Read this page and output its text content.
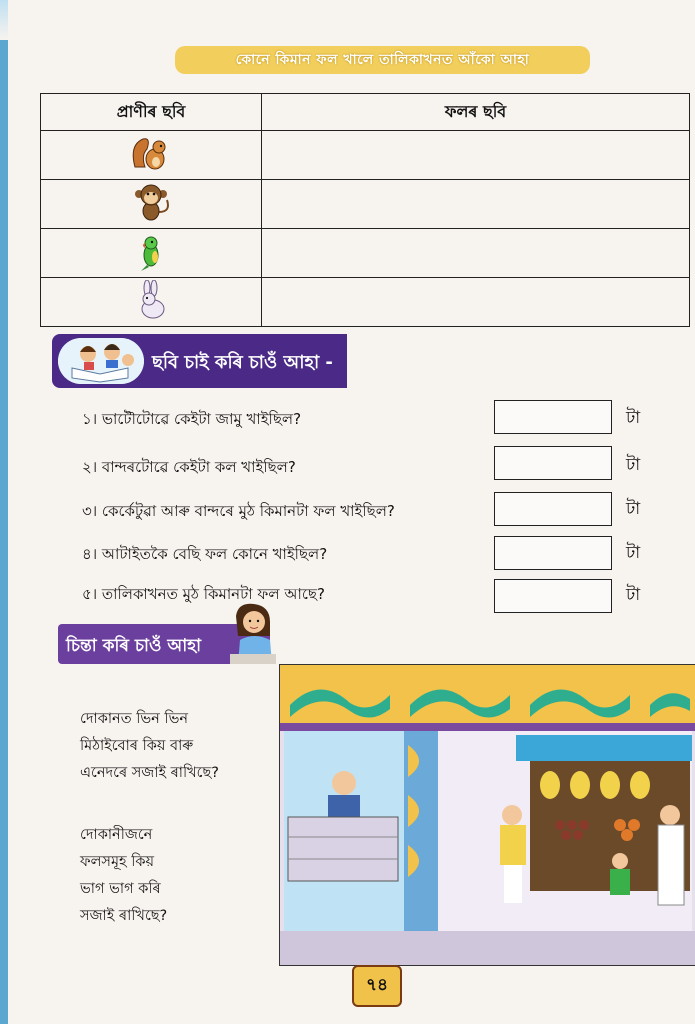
কোনে কিমান ফল খালে তালিকাখনত আঁকো আহা
প্ৰাণীৰ ছবি	ফলৰ ছবি

ছবি চাই কৰি চাওঁ আহা -
১। ভাটৌটোৱে কেইটা জামু খাইছিল?	টা
২। বান্দৰটোৱে কেইটা কল খাইছিল?	টা
৩। কেৰ্কেটুৱা আৰু বান্দৰে মুঠ কিমানটা ফল খাইছিল?	টা
৪। আটাইতকৈ বেছি ফল কোনে খাইছিল?	টা
৫। তালিকাখনত মুঠ কিমানটা ফল আছে?	টা
চিন্তা কৰি চাওঁ আহা
দোকানত ভিন ভিন
মিঠাইবোৰ কিয় বাৰু
এনেদৰে সজাই ৰাখিছে?
দোকানীজনে
ফলসমূহ কিয়
ভাগ ভাগ কৰি
সজাই ৰাখিছে?
৭৪
